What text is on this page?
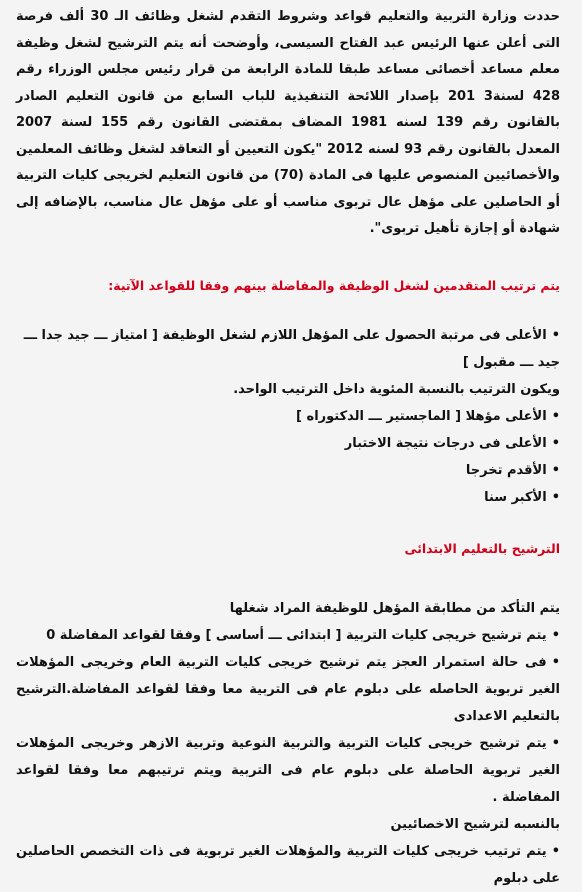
حددت وزارة التربية والتعليم قواعد وشروط التقدم لشغل وظائف الـ 30 ألف فرصة التى أعلن عنها الرئيس عبد الفتاح السيسى، وأوضحت أنه يتم الترشيح لشغل وظيفة معلم مساعد أخصائى مساعد طبقا للمادة الرابعة من قرار رئيس مجلس الوزراء رقم 428 لسنة3 201 بإصدار اللائحة التنفيذية للباب السابع من قانون التعليم الصادر بالقانون رقم 139 لسنه 1981 المضاف بمقتضى القانون رقم 155 لسنة 2007 المعدل بالقانون رقم 93 لسنه 2012 "يكون التعيين أو التعاقد لشغل وظائف المعلمين والأخصائيين المنصوص عليها فى المادة (70) من قانون التعليم لخريجى كليات التربية أو الحاصلين على مؤهل عال تربوى مناسب أو على مؤهل عال مناسب، بالإضافه إلى شهادة أو إجازة تأهيل تربوى".

يتم ترتيب المتقدمين لشغل الوظيفة والمفاضلة بينهم وفقا للقواعد الآتية:

•الأعلى فى مرتبة الحصول على المؤهل اللازم لشغل الوظيفة [ امتياز ـــ جيد جدا ـــ جيد ـــ مقبول ]
ويكون الترتيب بالنسبة المئوية داخل الترتيب الواحد.
•الأعلى مؤهلا [ الماجستير ـــ الدكتوراه ]
•الأعلى فى درجات نتيجة الاختبار
•الأقدم تخرجا
•الأكبر سنا

الترشيح بالتعليم الابتدائى

يتم التأكد من مطابقة المؤهل للوظيفة المراد شغلها

•يتم ترشيح خريجى كليات التربية [ ابتدائى ـــ أساسى ] وفقا لقواعد المفاضلة 0
•فى حالة استمرار العجز يتم ترشيح خريجى كليات التربية العام وخريجى المؤهلات الغير تربوية الحاصله على دبلوم عام فى التربية معا وفقا لقواعد المفاضلة.الترشيح بالتعليم الاعدادى
•يتم ترشيح خريجى كليات التربية والتربية النوعية وتربية الازهر وخريجى المؤهلات الغير تربوية الحاصلة على دبلوم عام فى التربية ويتم ترتيبهم معا وفقا لقواعد المفاضلة .

بالنسبه لترشيح الاخصائيين

•يتم ترتيب خريجى كليات التربية والمؤهلات الغير تربوية فى ذات التخصص الحاصلين على دبلوم
